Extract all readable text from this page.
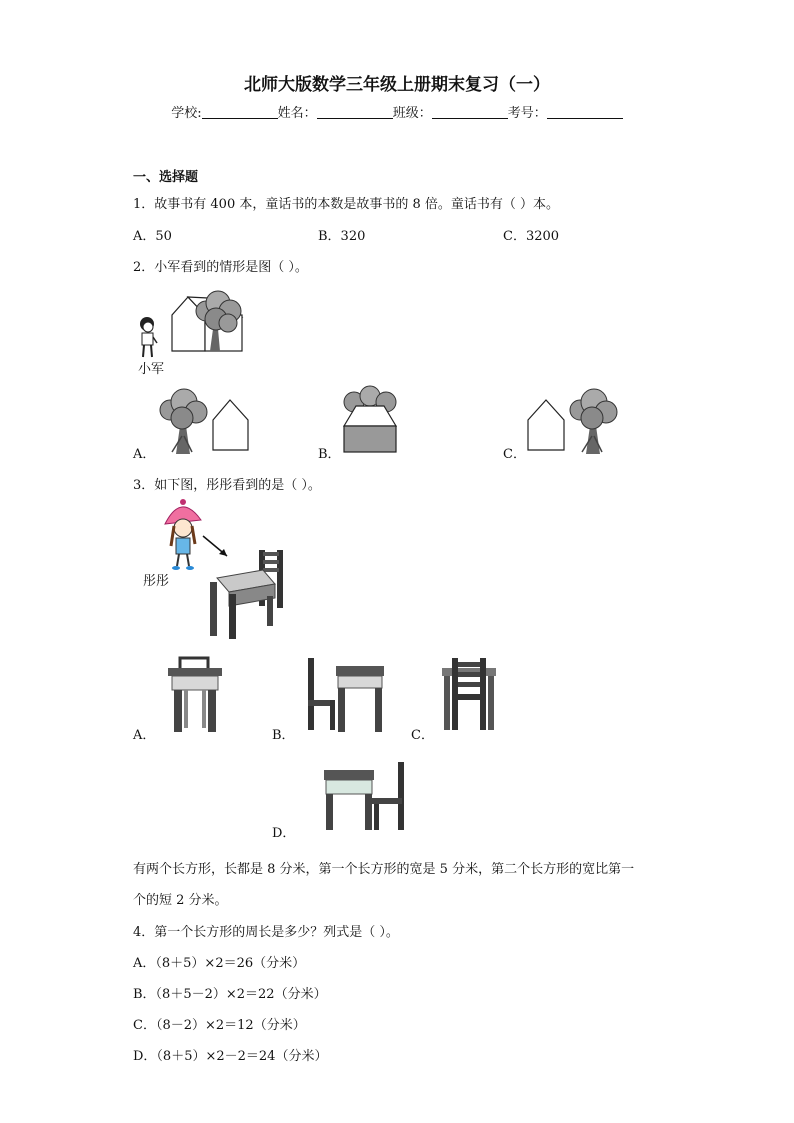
北师大版数学三年级上册期末复习（一）
学校:	姓名：	班级：	考号：
一、选择题
1．故事书有 400 本，童话书的本数是故事书的 8 倍。童话书有（ ）本。
A．50	B．320	C．3200
2．小军看到的情形是图（ ）。
小军
A．	B．	C．
3．如下图，彤彤看到的是（ ）。
彤彤
A．	B．	C．
D．
有两个长方形，长都是 8 分米，第一个长方形的宽是 5 分米，第二个长方形的宽比第一
个的短 2 分米。
4．第一个长方形的周长是多少？列式是（ ）。
A．（8＋5）×2＝26（分米）
B．（8＋5－2）×2＝22（分米）
C．（8－2）×2＝12（分米）
D．（8＋5）×2－2＝24（分米）
